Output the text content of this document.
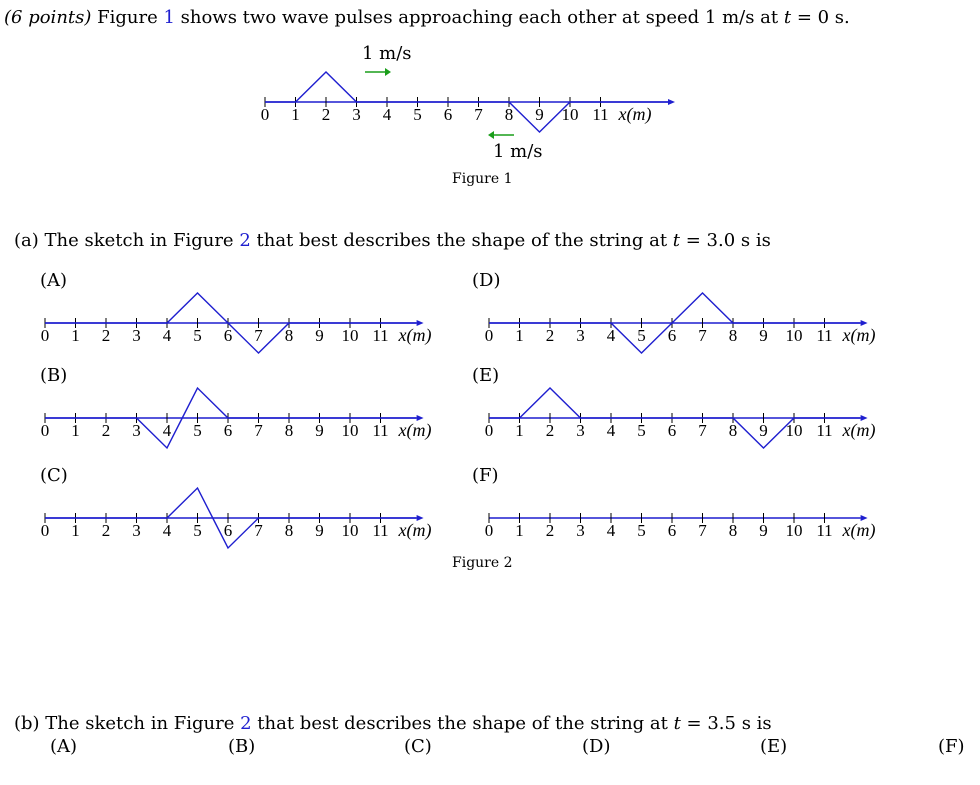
(6 points) Figure 1 shows two wave pulses approaching each other at speed 1 m/s at t = 0 s.
0 1 2 3 4 5 6 7 8 9 10 11 x(m)
1 m/s
1 m/s
Figure 1
(a) The sketch in Figure 2 that best describes the shape of the string at t = 3.0 s is
0 1 2 3 4 5 6 7 8 9 10 11 x(m)
0 1 2 3 4 5 6 7 8 9 10 11 x(m)
0 1 2 3 4 5 6 7 8 9 10 11 x(m)
0 1 2 3 4 5 6 7 8 9 10 11 x(m)
0 1 2 3 4 5 6 7 8 9 10 11 x(m)
0 1 2 3 4 5 6 7 8 9 10 11 x(m)
(A)
(B)
(C)
(D)
(E)
(F)
Figure 2
(b) The sketch in Figure 2 that best describes the shape of the string at t = 3.5 s is
(A)	(B)	(C)	(D)	(E)	(F)
